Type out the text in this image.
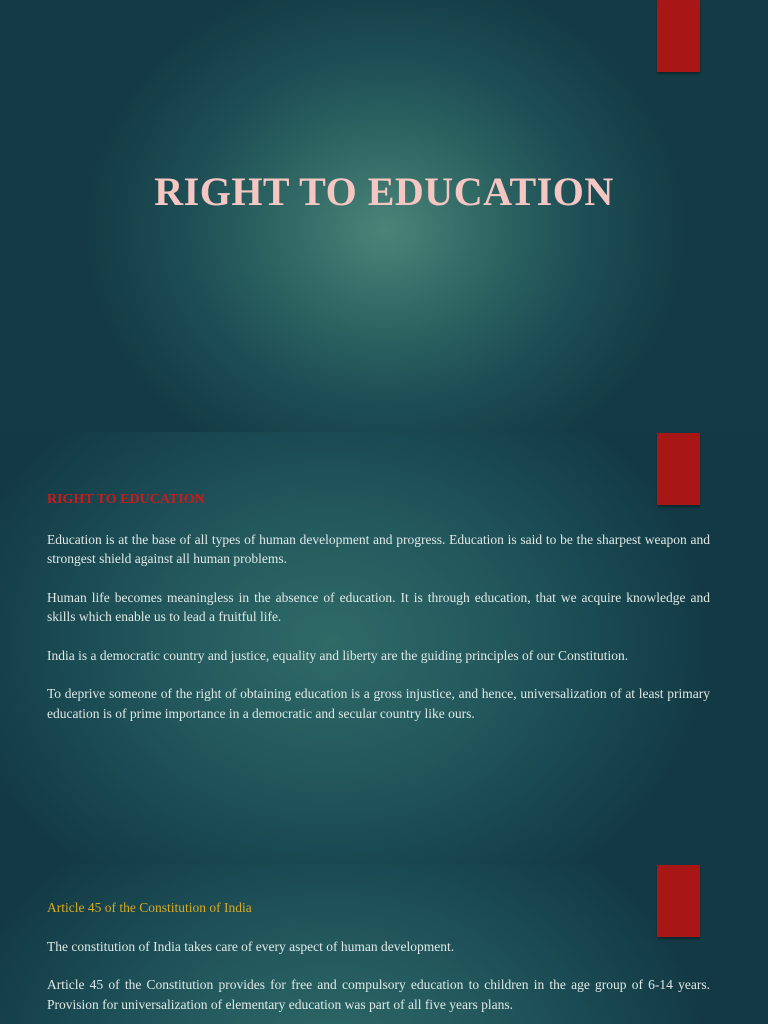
RIGHT TO EDUCATION

RIGHT TO EDUCATION

Education is at the base of all types of human development and progress. Education is said to be the sharpest weapon and strongest shield against all human problems.

Human life becomes meaningless in the absence of education. It is through education, that we acquire knowledge and skills which enable us to lead a fruitful life.

India is a democratic country and justice, equality and liberty are the guiding principles of our Constitution.

To deprive someone of the right of obtaining education is a gross injustice, and hence, universalization of at least primary education is of prime importance in a democratic and secular country like ours.

Article 45 of the Constitution of India

The constitution of India takes care of every aspect of human development.

Article 45 of the Constitution provides for free and compulsory education to children in the age group of 6-14 years. Provision for universalization of elementary education was part of all five years plans.
